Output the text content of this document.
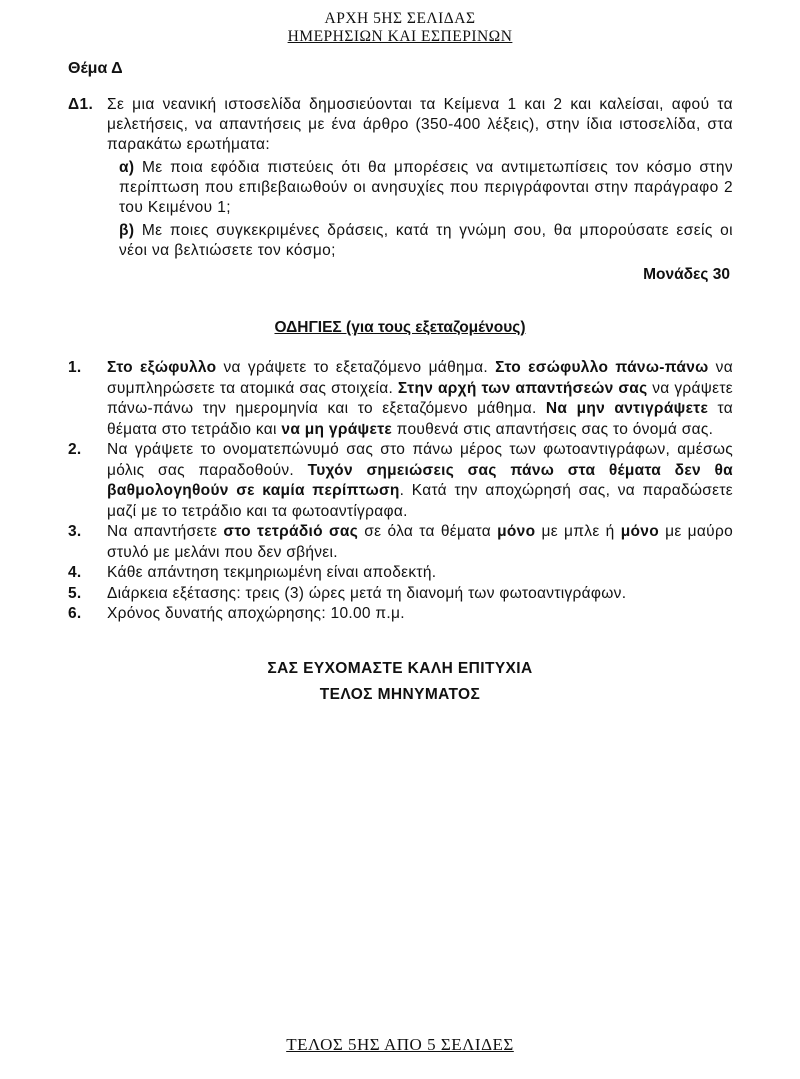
ΑΡΧΗ 5ΗΣ ΣΕΛΙΔΑΣ
ΗΜΕΡΗΣΙΩΝ ΚΑΙ ΕΣΠΕΡΙΝΩΝ
Θέμα Δ
Δ1. Σε μια νεανική ιστοσελίδα δημοσιεύονται τα Κείμενα 1 και 2 και καλείσαι, αφού τα μελετήσεις, να απαντήσεις με ένα άρθρο (350-400 λέξεις), στην ίδια ιστοσελίδα, στα παρακάτω ερωτήματα:

α) Με ποια εφόδια πιστεύεις ότι θα μπορέσεις να αντιμετωπίσεις τον κόσμο στην περίπτωση που επιβεβαιωθούν οι ανησυχίες που περιγράφονται στην παράγραφο 2 του Κειμένου 1;

β) Με ποιες συγκεκριμένες δράσεις, κατά τη γνώμη σου, θα μπορούσατε εσείς οι νέοι να βελτιώσετε τον κόσμο;

Μονάδες 30
ΟΔΗΓΙΕΣ (για τους εξεταζομένους)
1. Στο εξώφυλλο να γράψετε το εξεταζόμενο μάθημα. Στο εσώφυλλο πάνω-πάνω να συμπληρώσετε τα ατομικά σας στοιχεία. Στην αρχή των απαντήσεών σας να γράψετε πάνω-πάνω την ημερομηνία και το εξεταζόμενο μάθημα. Να μην αντιγράψετε τα θέματα στο τετράδιο και να μη γράψετε πουθενά στις απαντήσεις σας το όνομά σας.
2. Να γράψετε το ονοματεπώνυμό σας στο πάνω μέρος των φωτοαντιγράφων, αμέσως μόλις σας παραδοθούν. Τυχόν σημειώσεις σας πάνω στα θέματα δεν θα βαθμολογηθούν σε καμία περίπτωση. Κατά την αποχώρησή σας, να παραδώσετε μαζί με το τετράδιο και τα φωτοαντίγραφα.
3. Να απαντήσετε στο τετράδιό σας σε όλα τα θέματα μόνο με μπλε ή μόνο με μαύρο στυλό με μελάνι που δεν σβήνει.
4. Κάθε απάντηση τεκμηριωμένη είναι αποδεκτή.
5. Διάρκεια εξέτασης: τρεις (3) ώρες μετά τη διανομή των φωτοαντιγράφων.
6. Χρόνος δυνατής αποχώρησης: 10.00 π.μ.
ΣΑΣ ΕΥΧΟΜΑΣΤΕ ΚΑΛΗ ΕΠΙΤΥΧΙΑ
ΤΕΛΟΣ ΜΗΝΥΜΑΤΟΣ
ΤΕΛΟΣ 5ΗΣ ΑΠΟ 5 ΣΕΛΙΔΕΣ
